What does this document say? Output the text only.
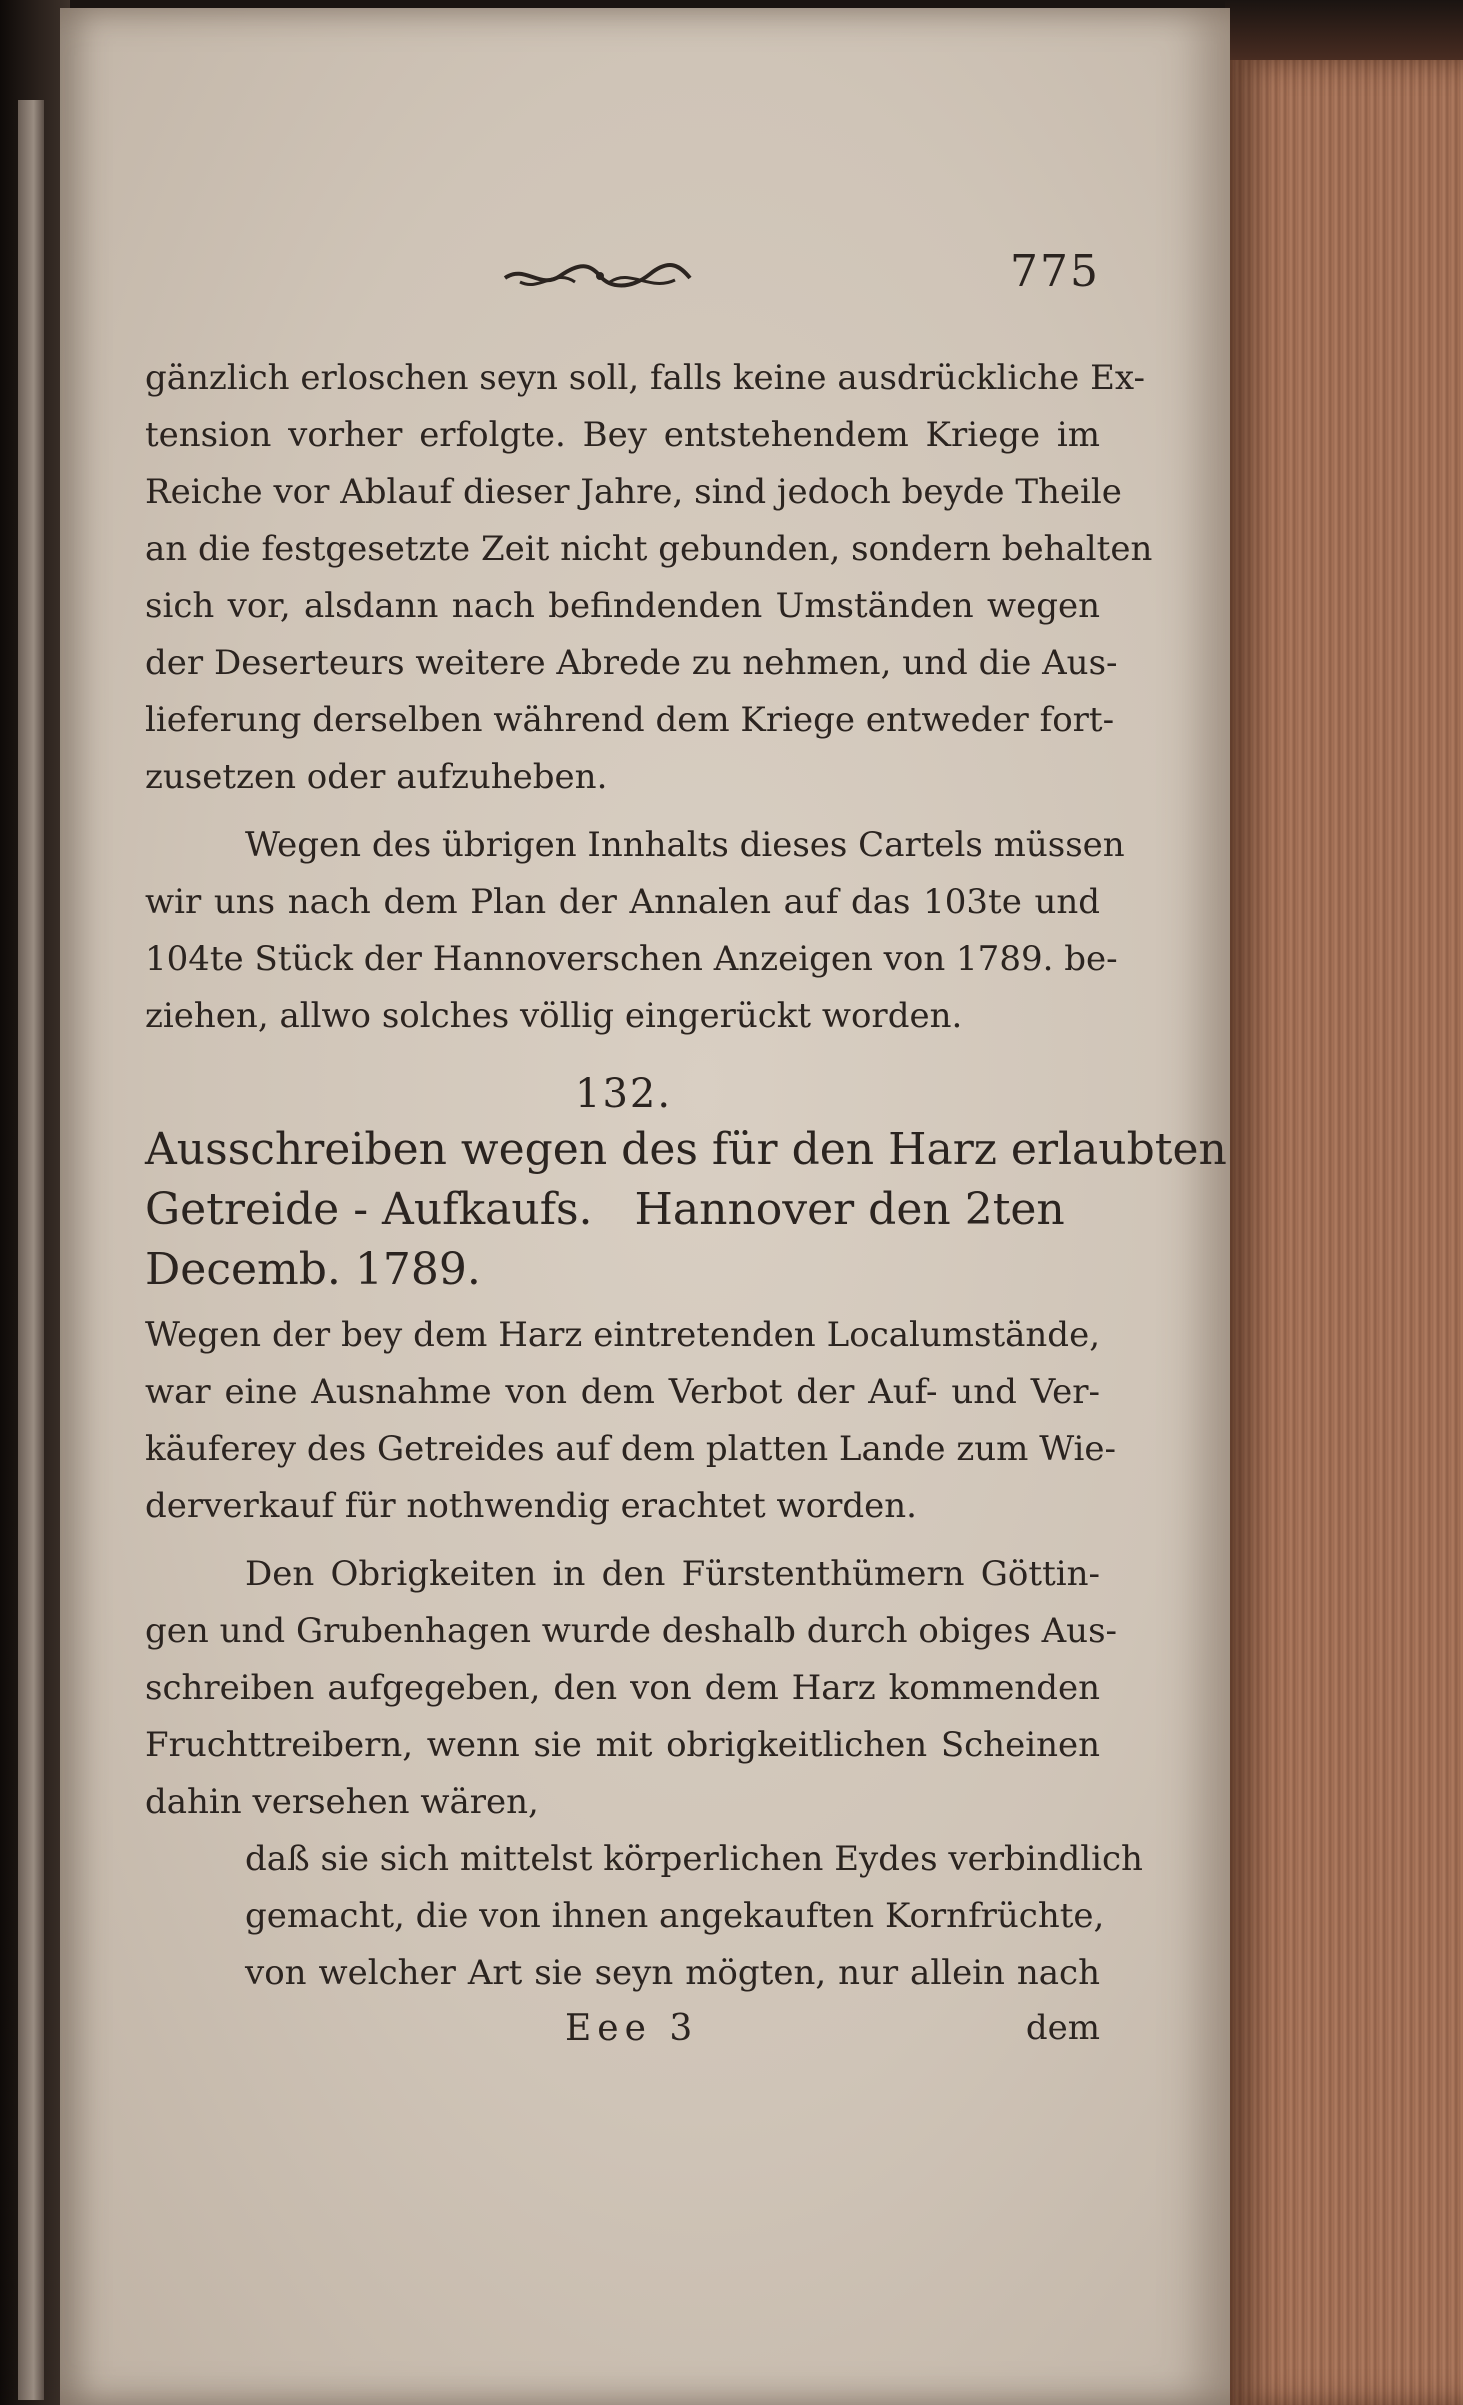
775
gänzlich erloschen seyn soll, falls keine ausdrückliche Ex-
tension vorher erfolgte. Bey entstehendem Kriege im
Reiche vor Ablauf dieser Jahre, sind jedoch beyde Theile
an die festgesetzte Zeit nicht gebunden, sondern behalten
sich vor, alsdann nach befindenden Umständen wegen
der Deserteurs weitere Abrede zu nehmen, und die Aus-
lieferung derselben während dem Kriege entweder fort-
zusetzen oder aufzuheben.
Wegen des übrigen Innhalts dieses Cartels müssen
wir uns nach dem Plan der Annalen auf das 103te und
104te Stück der Hannoverschen Anzeigen von 1789. be-
ziehen, allwo solches völlig eingerückt worden.
132.
Ausschreiben wegen des für den Harz erlaubten
Getreide - Aufkaufs.   Hannover den 2ten
Decemb. 1789.
Wegen der bey dem Harz eintretenden Localumstände,
war eine Ausnahme von dem Verbot der Auf- und Ver-
käuferey des Getreides auf dem platten Lande zum Wie-
derverkauf für nothwendig erachtet worden.
Den Obrigkeiten in den Fürstenthümern Göttin-
gen und Grubenhagen wurde deshalb durch obiges Aus-
schreiben aufgegeben, den von dem Harz kommenden
Fruchttreibern, wenn sie mit obrigkeitlichen Scheinen
dahin versehen wären,
daß sie sich mittelst körperlichen Eydes verbindlich
gemacht, die von ihnen angekauften Kornfrüchte,
von welcher Art sie seyn mögten, nur allein nach
Eee 3	dem
